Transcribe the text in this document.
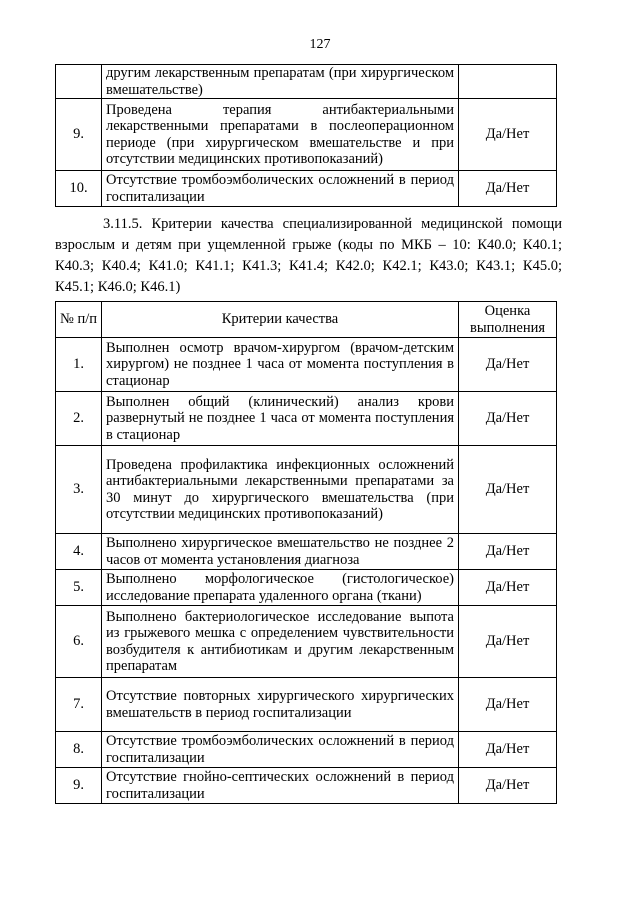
127
	другим лекарственным препаратам (при хирургическом вмешательстве)	
9.	Проведена терапия антибактериальными лекарственными препаратами в послеоперационном периоде (при хирургическом вмешательстве и при отсутствии медицинских противопоказаний)	Да/Нет
10.	Отсутствие тромбоэмболических осложнений в период госпитализации	Да/Нет

3.11.5. Критерии качества специализированной медицинской помощи взрослым и детям при ущемленной грыже (коды по МКБ – 10: К40.0; К40.1; К40.3; К40.4; К41.0; К41.1; К41.3; К41.4; К42.0; К42.1; К43.0; К43.1; К45.0; К45.1; К46.0; К46.1)

№ п/п	Критерии качества	Оценка выполнения
1.	Выполнен осмотр врачом-хирургом (врачом-детским хирургом) не позднее 1 часа от момента поступления в стационар	Да/Нет
2.	Выполнен общий (клинический) анализ крови развернутый не позднее 1 часа от момента поступления в стационар	Да/Нет
3.	Проведена профилактика инфекционных осложнений антибактериальными лекарственными препаратами за 30 минут до хирургического вмешательства (при отсутствии медицинских противопоказаний)	Да/Нет
4.	Выполнено хирургическое вмешательство не позднее 2 часов от момента установления диагноза	Да/Нет
5.	Выполнено морфологическое (гистологическое) исследование препарата удаленного органа (ткани)	Да/Нет
6.	Выполнено бактериологическое исследование выпота из грыжевого мешка с определением чувствительности возбудителя к антибиотикам и другим лекарственным препаратам	Да/Нет
7.	Отсутствие повторных хирургического хирургических вмешательств в период госпитализации	Да/Нет
8.	Отсутствие тромбоэмболических осложнений в период госпитализации	Да/Нет
9.	Отсутствие гнойно-септических осложнений в период госпитализации	Да/Нет
